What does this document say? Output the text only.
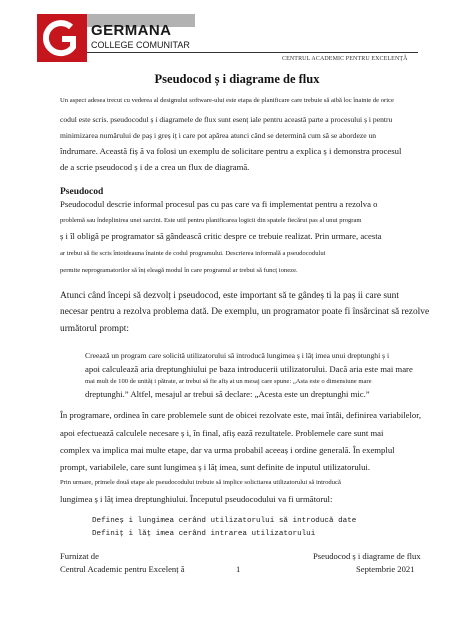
GERMANA
COLLEGE COMUNITAR
CENTRUL ACADEMIC PENTRU EXCELENȚĂ
Pseudocod ș i diagrame de flux
Un aspect adesea trecut cu vederea al designului software-ului este etapa de planificare care trebuie să aibă loc înainte de orice
codul este scris. pseudocodul ș i diagramele de flux sunt esenț iale pentru această parte a procesului ș i pentru
minimizarea numărului de paș i greș iț i care pot apărea atunci când se determină cum să se abordeze un
îndrumare. Această fiș ă va folosi un exemplu de solicitare pentru a explica ș i demonstra procesul
de a scrie pseudocod ș i de a crea un flux de diagramă.
Pseudocod
Pseudocodul descrie informal procesul pas cu pas care va fi implementat pentru a rezolva o
problemă sau îndeplinirea unei sarcini. Este util pentru planificarea logicii din spatele fiecărui pas al unui program
ș i îl obligă pe programator să gândească critic despre ce trebuie realizat. Prin urmare, acesta
ar trebui să fie scris întotdeauna înainte de codul programului. Descrierea informală a pseudocodului
permite neprogramatorilor să înț eleagă modul în care programul ar trebui să funcț ioneze.
Atunci când începi să dezvolț i pseudocod, este important să te gândeș ti la paș ii care sunt
necesar pentru a rezolva problema dată. De exemplu, un programator poate fi însărcinat să rezolve
următorul prompt:
Creează un program care solicită utilizatorului să introducă lungimea ș i lăț imea unui dreptunghi ș i
apoi calculează aria dreptunghiului pe baza introducerii utilizatorului. Dacă aria este mai mare
mai mult de 100 de unităț i pătrate, ar trebui să fie afiș at un mesaj care spune: „Asta este o dimensiune mare
dreptunghi.” Altfel, mesajul ar trebui să declare: „Acesta este un dreptunghi mic.”
În programare, ordinea în care problemele sunt de obicei rezolvate este, mai întâi, definirea variabilelor,
apoi efectuează calculele necesare ș i, în final, afiș ează rezultatele. Problemele care sunt mai
complex va implica mai multe etape, dar va urma probabil aceeaș i ordine generală. În exemplul
prompt, variabilele, care sunt lungimea ș i lăț imea, sunt definite de inputul utilizatorului.
Prin urmare, primele două etape ale pseudocodului trebuie să implice solicitarea utilizatorului să introducă
lungimea ș i lăț imea dreptunghiului. Începutul pseudocodului va fi următorul:
Defineș i lungimea cerând utilizatorului să introducă date
Definiț i lăț imea cerând intrarea utilizatorului
Furnizat de
Centrul Academic pentru Excelenț ă	1
Pseudocod ș i diagrame de flux
Septembrie 2021
